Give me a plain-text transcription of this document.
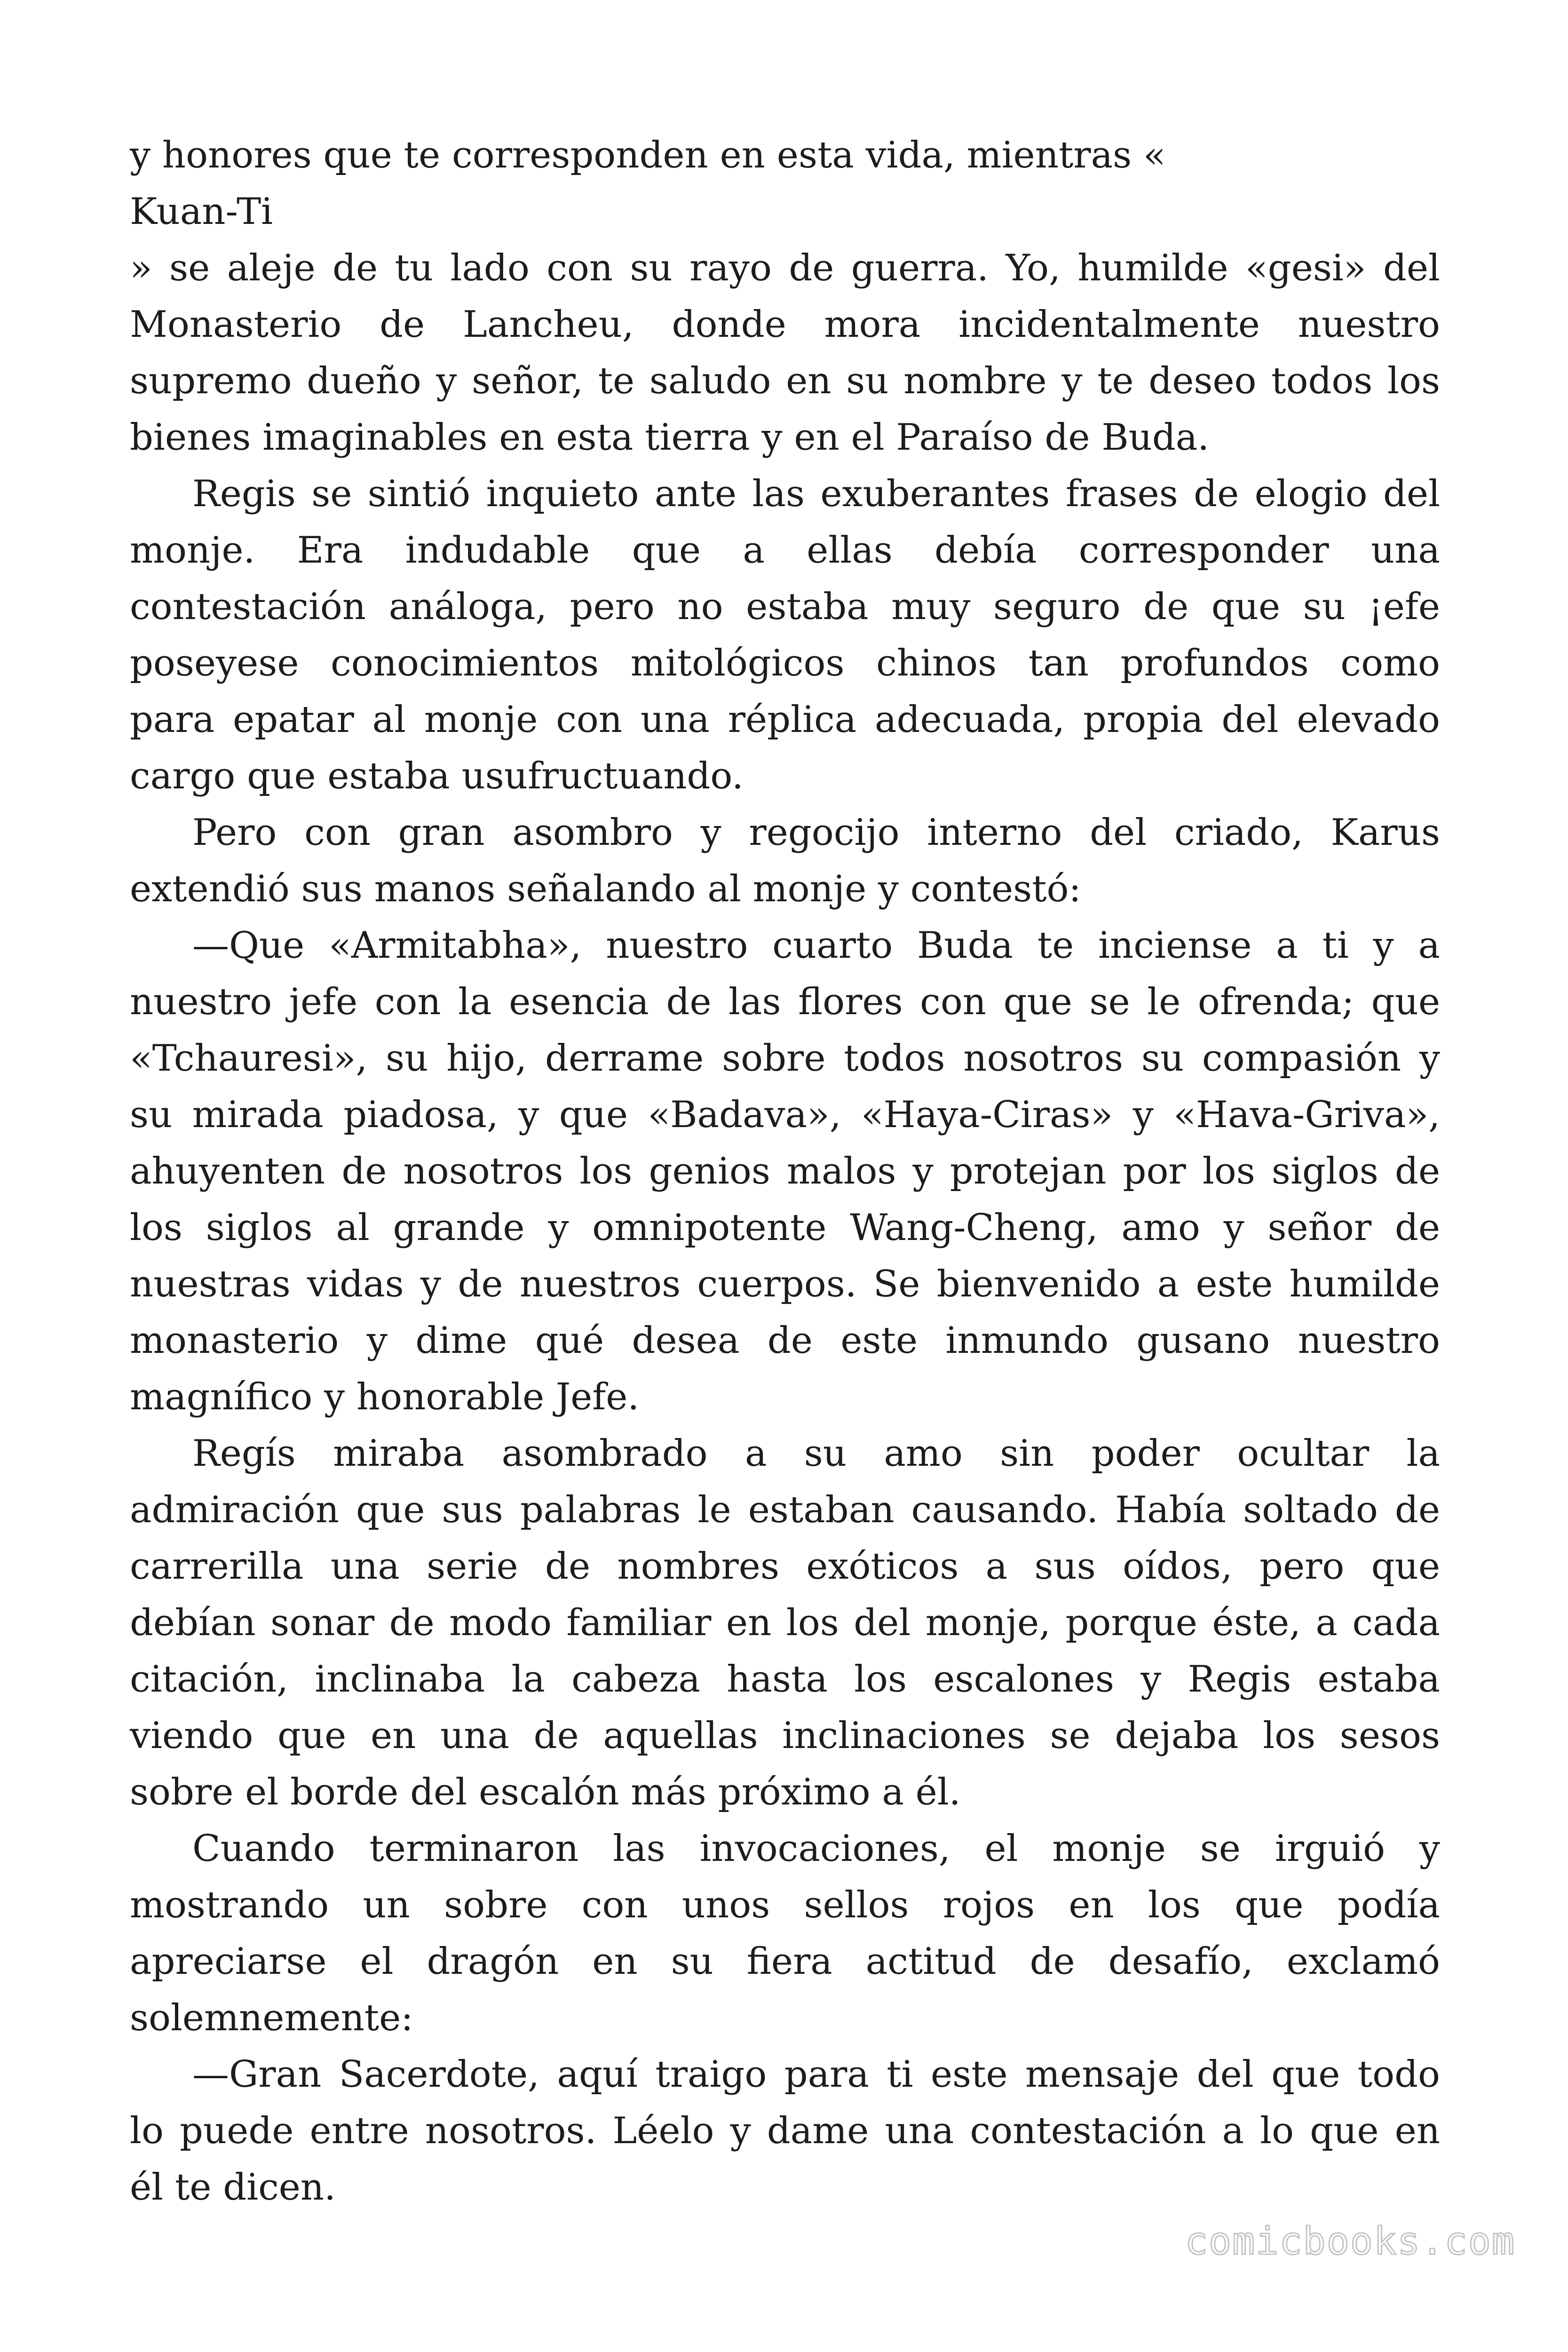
y honores que te corresponden en esta vida, mientras «
Kuan-Ti
» se aleje de tu lado con su rayo de guerra. Yo, humilde «gesi» del
Monasterio de Lancheu, donde mora incidentalmente nuestro
supremo dueño y señor, te saludo en su nombre y te deseo todos los
bienes imaginables en esta tierra y en el Paraíso de Buda.
Regis se sintió inquieto ante las exuberantes frases de elogio del
monje. Era indudable que a ellas debía corresponder una
contestación análoga, pero no estaba muy seguro de que su ¡efe
poseyese conocimientos mitológicos chinos tan profundos como
para epatar al monje con una réplica adecuada, propia del elevado
cargo que estaba usufructuando.
Pero con gran asombro y regocijo interno del criado, Karus
extendió sus manos señalando al monje y contestó:
—Que «Armitabha», nuestro cuarto Buda te inciense a ti y a
nuestro jefe con la esencia de las flores con que se le ofrenda; que
«Tchauresi», su hijo, derrame sobre todos nosotros su compasión y
su mirada piadosa, y que «Badava», «Haya-Ciras» y «Hava-Griva»,
ahuyenten de nosotros los genios malos y protejan por los siglos de
los siglos al grande y omnipotente Wang-Cheng, amo y señor de
nuestras vidas y de nuestros cuerpos. Se bienvenido a este humilde
monasterio y dime qué desea de este inmundo gusano nuestro
magnífico y honorable Jefe.
Regís miraba asombrado a su amo sin poder ocultar la
admiración que sus palabras le estaban causando. Había soltado de
carrerilla una serie de nombres exóticos a sus oídos, pero que
debían sonar de modo familiar en los del monje, porque éste, a cada
citación, inclinaba la cabeza hasta los escalones y Regis estaba
viendo que en una de aquellas inclinaciones se dejaba los sesos
sobre el borde del escalón más próximo a él.
Cuando terminaron las invocaciones, el monje se irguió y
mostrando un sobre con unos sellos rojos en los que podía
apreciarse el dragón en su fiera actitud de desafío, exclamó
solemnemente:
—Gran Sacerdote, aquí traigo para ti este mensaje del que todo
lo puede entre nosotros. Léelo y dame una contestación a lo que en
él te dicen.
comicbooks.com
